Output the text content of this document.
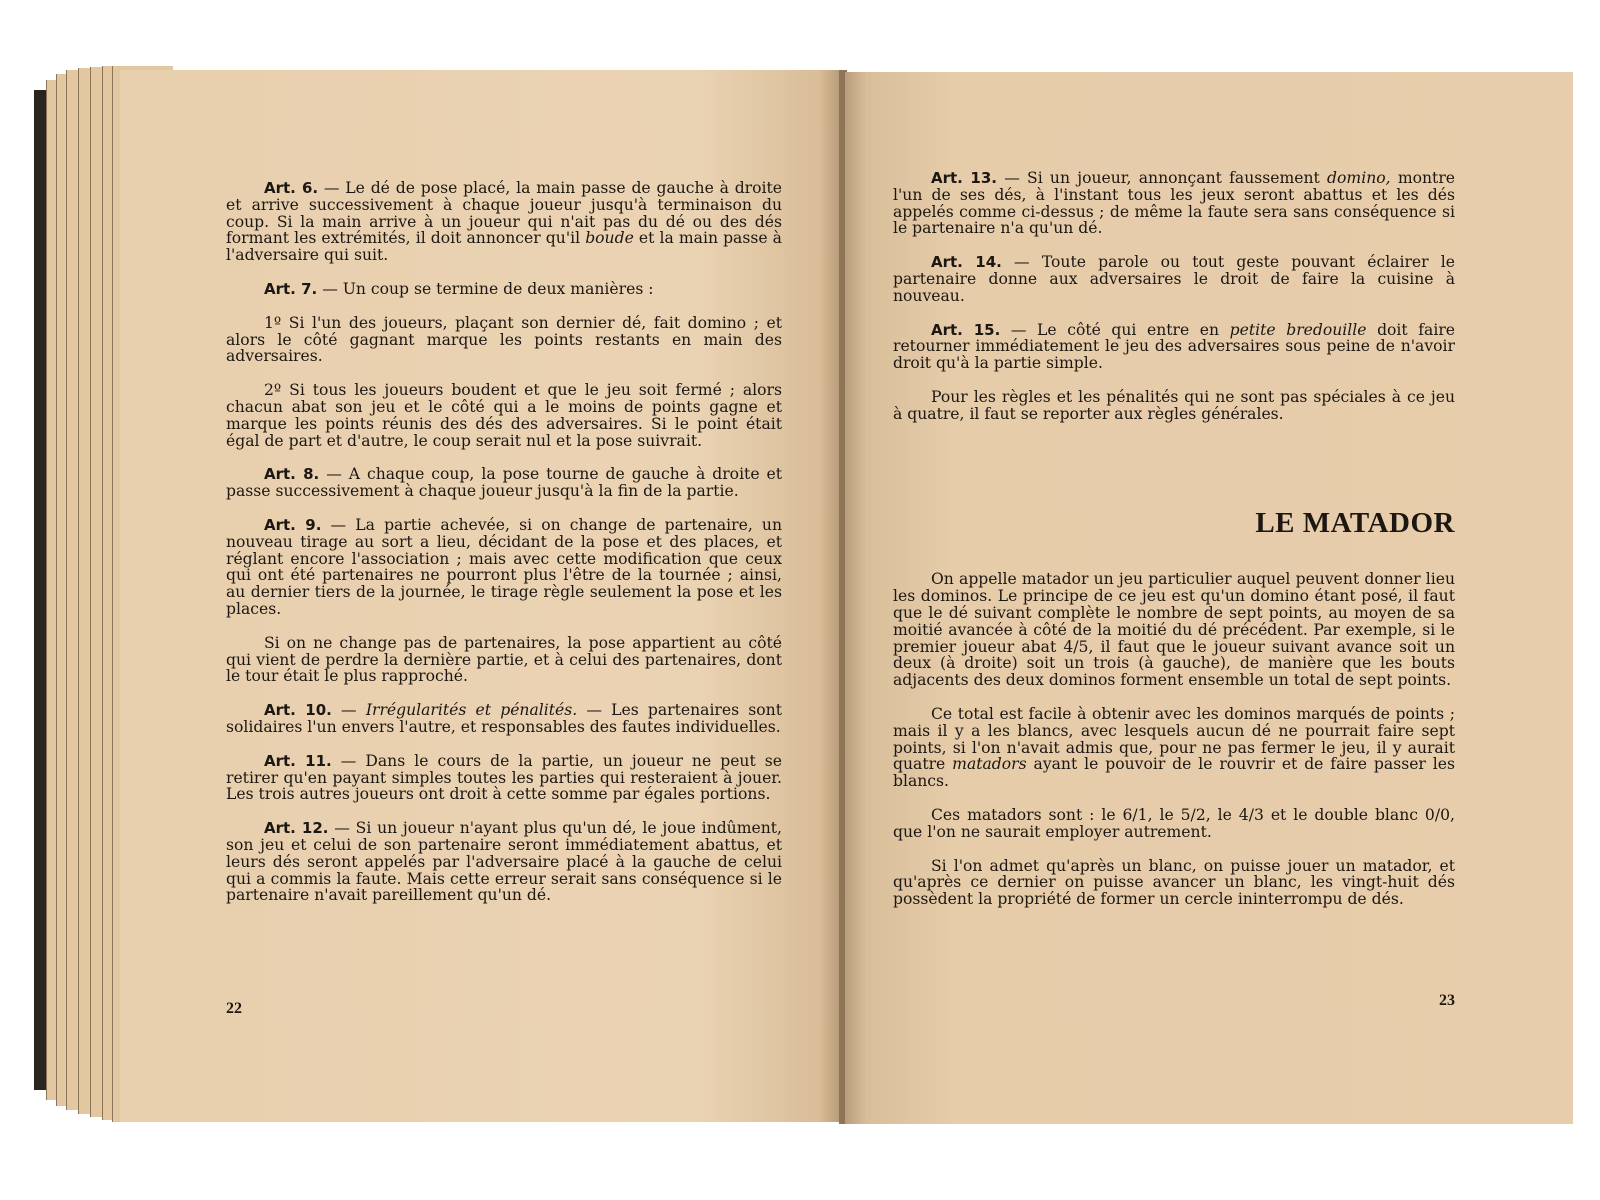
Art. 6. — Le dé de pose placé, la main passe de gauche à droite et arrive successivement à chaque joueur jusqu'à terminaison du coup. Si la main arrive à un joueur qui n'ait pas du dé ou des dés formant les extrémités, il doit annoncer qu'il boude et la main passe à l'adversaire qui suit.

Art. 7. — Un coup se termine de deux manières :

1º Si l'un des joueurs, plaçant son dernier dé, fait domino ; et alors le côté gagnant marque les points restants en main des adversaires.

2º Si tous les joueurs boudent et que le jeu soit fermé ; alors chacun abat son jeu et le côté qui a le moins de points gagne et marque les points réunis des dés des adversaires. Si le point était égal de part et d'autre, le coup serait nul et la pose suivrait.

Art. 8. — A chaque coup, la pose tourne de gauche à droite et passe successivement à chaque joueur jusqu'à la fin de la partie.

Art. 9. — La partie achevée, si on change de partenaire, un nouveau tirage au sort a lieu, décidant de la pose et des places, et réglant encore l'association ; mais avec cette modification que ceux qui ont été partenaires ne pourront plus l'être de la tournée ; ainsi, au dernier tiers de la journée, le tirage règle seulement la pose et les places.

Si on ne change pas de partenaires, la pose appartient au côté qui vient de perdre la dernière partie, et à celui des partenaires, dont le tour était le plus rapproché.

Art. 10. — Irrégularités et pénalités. — Les partenaires sont solidaires l'un envers l'autre, et responsables des fautes individuelles.

Art. 11. — Dans le cours de la partie, un joueur ne peut se retirer qu'en payant simples toutes les parties qui resteraient à jouer. Les trois autres joueurs ont droit à cette somme par égales portions.

Art. 12. — Si un joueur n'ayant plus qu'un dé, le joue indûment, son jeu et celui de son partenaire seront immédiatement abattus, et leurs dés seront appelés par l'adversaire placé à la gauche de celui qui a commis la faute. Mais cette erreur serait sans conséquence si le partenaire n'avait pareillement qu'un dé.

22

Art. 13. — Si un joueur, annonçant faussement domino, montre l'un de ses dés, à l'instant tous les jeux seront abattus et les dés appelés comme ci-dessus ; de même la faute sera sans conséquence si le partenaire n'a qu'un dé.

Art. 14. — Toute parole ou tout geste pouvant éclairer le partenaire donne aux adversaires le droit de faire la cuisine à nouveau.

Art. 15. — Le côté qui entre en petite bredouille doit faire retourner immédiatement le jeu des adversaires sous peine de n'avoir droit qu'à la partie simple.

Pour les règles et les pénalités qui ne sont pas spéciales à ce jeu à quatre, il faut se reporter aux règles générales.

LE MATADOR

On appelle matador un jeu particulier auquel peuvent donner lieu les dominos. Le principe de ce jeu est qu'un domino étant posé, il faut que le dé suivant complète le nombre de sept points, au moyen de sa moitié avancée à côté de la moitié du dé précédent. Par exemple, si le premier joueur abat 4/5, il faut que le joueur suivant avance soit un deux (à droite) soit un trois (à gauche), de manière que les bouts adjacents des deux dominos forment ensemble un total de sept points.

Ce total est facile à obtenir avec les dominos marqués de points ; mais il y a les blancs, avec lesquels aucun dé ne pourrait faire sept points, si l'on n'avait admis que, pour ne pas fermer le jeu, il y aurait quatre matadors ayant le pouvoir de le rouvrir et de faire passer les blancs.

Ces matadors sont : le 6/1, le 5/2, le 4/3 et le double blanc 0/0, que l'on ne saurait employer autrement.

Si l'on admet qu'après un blanc, on puisse jouer un matador, et qu'après ce dernier on puisse avancer un blanc, les vingt-huit dés possèdent la propriété de former un cercle ininterrompu de dés.

23
